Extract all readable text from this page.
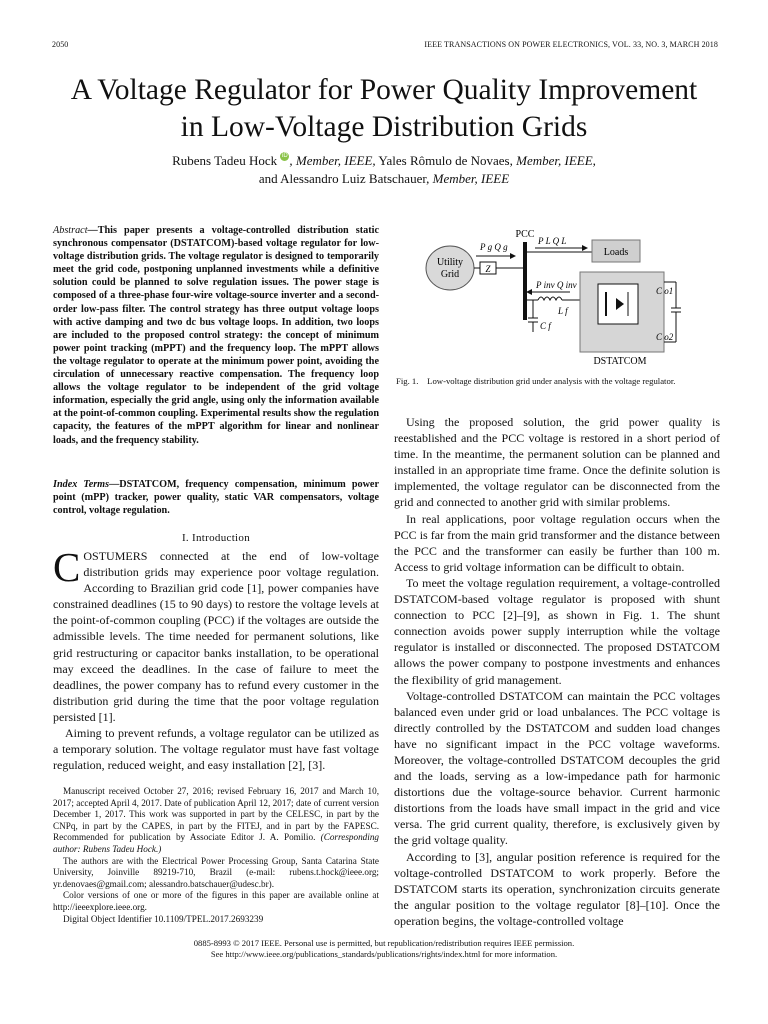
2050	IEEE TRANSACTIONS ON POWER ELECTRONICS, VOL. 33, NO. 3, MARCH 2018
A Voltage Regulator for Power Quality Improvement
in Low-Voltage Distribution Grids
Rubens Tadeu Hock iD , Member, IEEE, Yales Rômulo de Novaes, Member, IEEE,
and Alessandro Luiz Batschauer, Member, IEEE
Abstract—This paper presents a voltage-controlled distribution static synchronous compensator (DSTATCOM)-based voltage regulator for low-voltage distribution grids. The voltage regulator is designed to temporarily meet the grid code, postponing unplanned investments while a definitive solution could be planned to solve regulation issues. The power stage is composed of a three-phase four-wire voltage-source inverter and a second-order low-pass filter. The control strategy has three output voltage loops with active damping and two dc bus voltage loops. In addition, two loops are included to the proposed control strategy: the concept of minimum power point tracking (mPPT) and the frequency loop. The mPPT allows the voltage regulator to operate at the minimum power point, avoiding the circulation of unnecessary reactive compensation. The frequency loop allows the voltage regulator to be independent of the grid voltage information, especially the grid angle, using only the information available at the point-of-common coupling. Experimental results show the regulation capacity, the features of the mPPT algorithm for linear and nonlinear loads, and the frequency stability.
Index Terms—DSTATCOM, frequency compensation, minimum power point (mPP) tracker, power quality, static VAR compensators, voltage control, voltage regulation.
I. Introduction

COSTUMERS connected at the end of low-voltage distribution grids may experience poor voltage regulation. According to Brazilian grid code [1], power companies have constrained deadlines (15 to 90 days) to restore the voltage levels at the point-of-common coupling (PCC) if the voltages are outside the admissible levels. The time needed for permanent solutions, like grid restructuring or capacitor banks installation, to be operational may exceed the deadlines. In the case of failure to meet the deadlines, the power company has to refund every customer in the distribution grid during the time that the poor voltage regulation persisted [1].

Aiming to prevent refunds, a voltage regulator can be utilized as a temporary solution. The voltage regulator must have fast voltage regulation, reduced weight, and easy installation [2], [3].

Manuscript received October 27, 2016; revised February 16, 2017 and March 10, 2017; accepted April 4, 2017. Date of publication April 12, 2017; date of current version December 1, 2017. This work was supported in part by the CELESC, in part by the CNPq, in part by the CAPES, in part by the FITEJ, and in part by the FAPESC. Recommended for publication by Associate Editor J. A. Pomilio. (Corresponding author: Rubens Tadeu Hock.)

The authors are with the Electrical Power Processing Group, Santa Catarina State University, Joinville 89219-710, Brazil (e-mail: rubens.t.hock@ieee.org; yr.denovaes@gmail.com; alessandro.batschauer@udesc.br).

Color versions of one or more of the figures in this paper are available online at http://ieeexplore.ieee.org.

Digital Object Identifier 10.1109/TPEL.2017.2693239

Utility
Grid	Z
P g Q g
PCC
P L Q L
Loads
P inv Q inv
L f
C f
C o1
C o2
DSTATCOM
Fig. 1. Low-voltage distribution grid under analysis with the voltage regulator.

Using the proposed solution, the grid power quality is reestablished and the PCC voltage is restored in a short period of time. In the meantime, the permanent solution can be planned and installed in an appropriate time frame. Once the definite solution is implemented, the voltage regulator can be disconnected from the grid and connected to another grid with similar problems.

In real applications, poor voltage regulation occurs when the PCC is far from the main grid transformer and the distance between the PCC and the transformer can easily be further than 100 m. Access to grid voltage information can be difficult to obtain.

To meet the voltage regulation requirement, a voltage-controlled DSTATCOM-based voltage regulator is proposed with shunt connection to PCC [2]–[9], as shown in Fig. 1. The shunt connection avoids power supply interruption while the voltage regulator is installed or disconnected. The proposed DSTATCOM allows the power company to postpone investments and enhances the flexibility of grid management.

Voltage-controlled DSTATCOM can maintain the PCC voltages balanced even under grid or load unbalances. The PCC voltage is directly controlled by the DSTATCOM and sudden load changes have no significant impact in the PCC voltage waveforms. Moreover, the voltage-controlled DSTATCOM decouples the grid and the loads, serving as a low-impedance path for harmonic distortions due the voltage-source behavior. Current harmonic distortions from the loads have small impact in the grid and vice versa. The grid current quality, therefore, is exclusively given by the grid voltage quality.

According to [3], angular position reference is required for the voltage-controlled DSTATCOM to work properly. Before the DSTATCOM starts its operation, synchronization circuits generate the angular position to the voltage regulator [8]–[10]. Once the operation begins, the voltage-controlled voltage

0885-8993 © 2017 IEEE. Personal use is permitted, but republication/redistribution requires IEEE permission.
See http://www.ieee.org/publications_standards/publications/rights/index.html for more information.
